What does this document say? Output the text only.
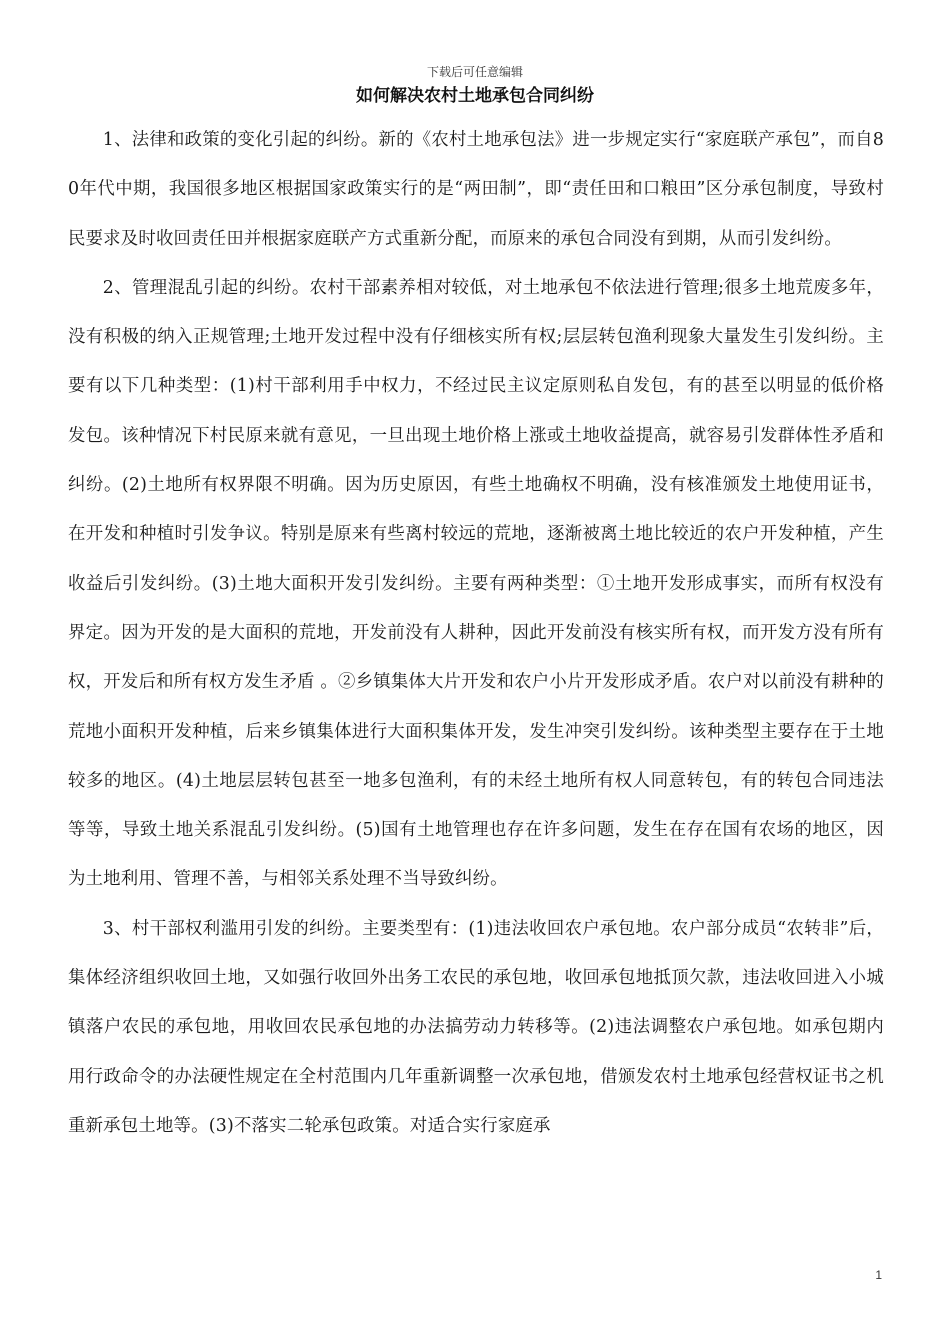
下载后可任意编辑
如何解决农村土地承包合同纠纷

1、法律和政策的变化引起的纠纷。新的《农村土地承包法》进一步规定实行“家庭联产承包”，而自80年代中期，我国很多地区根据国家政策实行的是“两田制”，即“责任田和口粮田”区分承包制度，导致村民要求及时收回责任田并根据家庭联产方式重新分配，而原来的承包合同没有到期，从而引发纠纷。

2、管理混乱引起的纠纷。农村干部素养相对较低，对土地承包不依法进行管理;很多土地荒废多年，没有积极的纳入正规管理;土地开发过程中没有仔细核实所有权;层层转包渔利现象大量发生引发纠纷。主要有以下几种类型：(1)村干部利用手中权力，不经过民主议定原则私自发包，有的甚至以明显的低价格发包。该种情况下村民原来就有意见，一旦出现土地价格上涨或土地收益提高，就容易引发群体性矛盾和纠纷。(2)土地所有权界限不明确。因为历史原因，有些土地确权不明确，没有核准颁发土地使用证书，在开发和种植时引发争议。特别是原来有些离村较远的荒地，逐渐被离土地比较近的农户开发种植，产生收益后引发纠纷。(3)土地大面积开发引发纠纷。主要有两种类型：①土地开发形成事实，而所有权没有界定。因为开发的是大面积的荒地，开发前没有人耕种，因此开发前没有核实所有权，而开发方没有所有权，开发后和所有权方发生矛盾 。②乡镇集体大片开发和农户小片开发形成矛盾。农户对以前没有耕种的荒地小面积开发种植，后来乡镇集体进行大面积集体开发，发生冲突引发纠纷。该种类型主要存在于土地较多的地区。(4)土地层层转包甚至一地多包渔利，有的未经土地所有权人同意转包，有的转包合同违法等等，导致土地关系混乱引发纠纷。(5)国有土地管理也存在许多问题，发生在存在国有农场的地区，因为土地利用、管理不善，与相邻关系处理不当导致纠纷。

3、村干部权利滥用引发的纠纷。主要类型有：(1)违法收回农户承包地。农户部分成员“农转非”后，集体经济组织收回土地，又如强行收回外出务工农民的承包地，收回承包地抵顶欠款，违法收回进入小城镇落户农民的承包地，用收回农民承包地的办法搞劳动力转移等。(2)违法调整农户承包地。如承包期内用行政命令的办法硬性规定在全村范围内几年重新调整一次承包地，借颁发农村土地承包经营权证书之机重新承包土地等。(3)不落实二轮承包政策。对适合实行家庭承

1
